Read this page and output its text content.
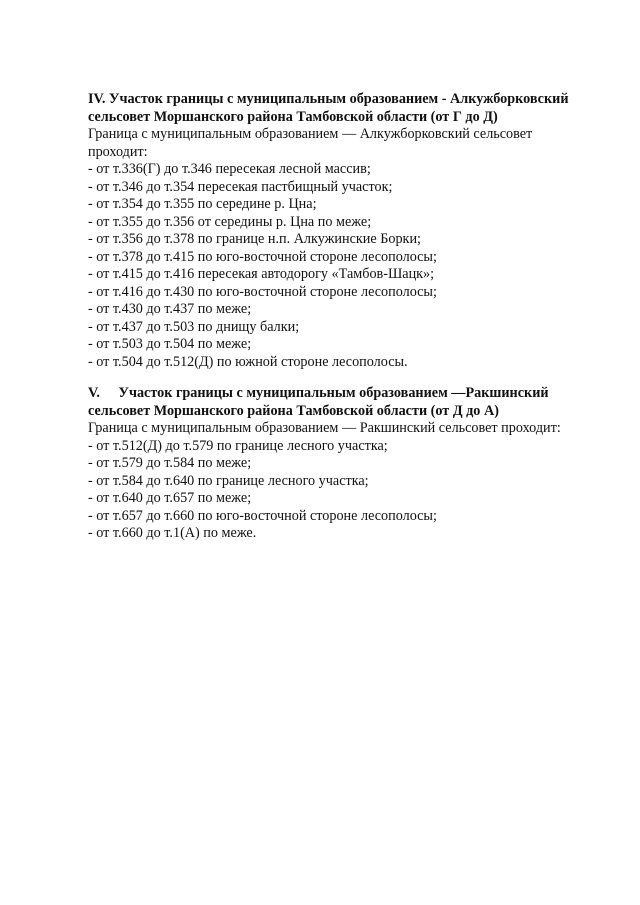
IV. Участок границы с муниципальным образованием - Алкужборковский
сельсовет Моршанского района Тамбовской области (от Г до Д)
Граница с муниципальным образованием — Алкужборковский сельсовет
проходит:
- от т.336(Г) до т.346 пересекая лесной массив;
- от т.346 до т.354 пересекая пастбищный участок;
- от т.354 до т.355 по середине р. Цна;
- от т.355 до т.356 от середины р. Цна по меже;
- от т.356 до т.378 по границе н.п. Алкужинские Борки;
- от т.378 до т.415 по юго-восточной стороне лесополосы;
- от т.415 до т.416 пересекая автодорогу «Тамбов-Шацк»;
- от т.416 до т.430 по юго-восточной стороне лесополосы;
- от т.430 до т.437 по меже;
- от т.437 до т.503 по днищу балки;
- от т.503 до т.504 по меже;
- от т.504 до т.512(Д) по южной стороне лесополосы.
V. Участок границы с муниципальным образованием —Ракшинский
сельсовет Моршанского района Тамбовской области (от Д до А)
Граница с муниципальным образованием — Ракшинский сельсовет проходит:
- от т.512(Д) до т.579 по границе лесного участка;
- от т.579 до т.584 по меже;
- от т.584 до т.640 по границе лесного участка;
- от т.640 до т.657 по меже;
- от т.657 до т.660 по юго-восточной стороне лесополосы;
- от т.660 до т.1(А) по меже.
